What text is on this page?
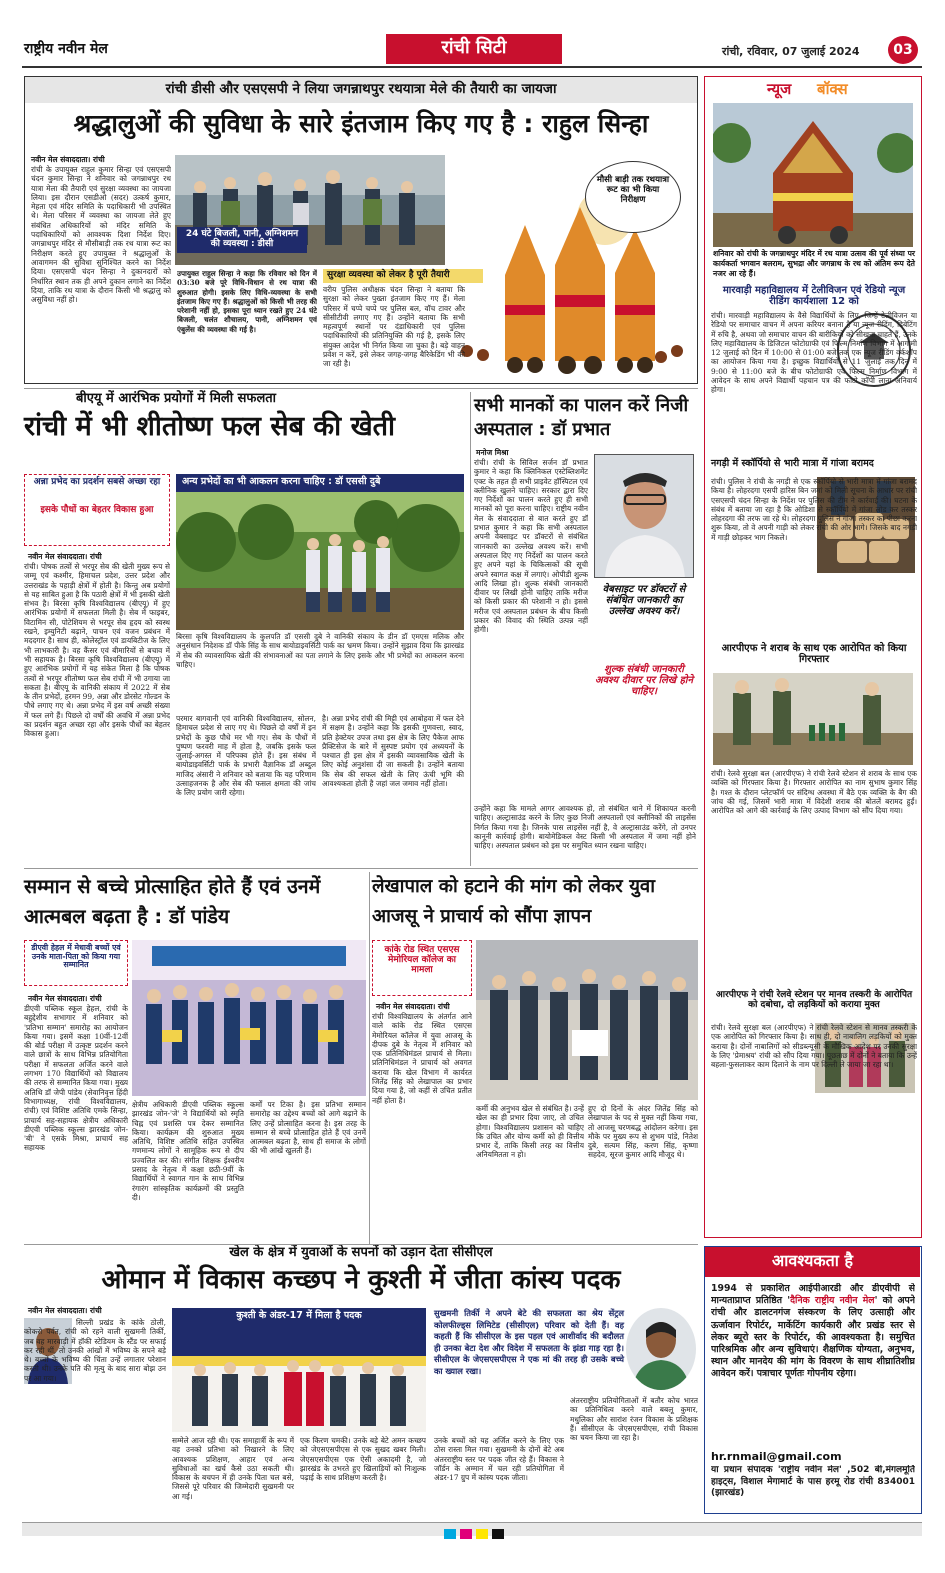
राष्ट्रीय नवीन मेल	रांची सिटी	रांची, रविवार, 07 जुलाई 2024	03
रांची डीसी और एसएसपी ने लिया जगन्नाथपुर रथयात्रा मेले की तैयारी का जायजा
श्रद्धालुओं की सुविधा के सारे इंतजाम किए गए है : राहुल सिन्हा
नवीन मेल संवाददाता। रांची
रांची के उपायुक्त राहुल कुमार सिन्हा एवं एसएसपी चंदन कुमार सिन्हा ने शनिवार को जगन्नाथपुर रथ यात्रा मेला की तैयारी एवं सुरक्षा व्यवस्था का जायजा लिया। इस दौरान एसडीओ (सदर) उत्कर्ष कुमार, मेहता एवं मंदिर समिति के पदाधिकारी भी उपस्थित थे। मेला परिसर में व्यवस्था का जायजा लेते हुए संबंधित अधिकारियों को मंदिर समिति के पदाधिकारियों को आवश्यक दिशा निर्देश दिए। जगन्नाथपुर मंदिर से मौसीबाड़ी तक रथ यात्रा रूट का निरीक्षण करते हुए उपायुक्त ने श्रद्धालुओं के आवागमन की सुविधा सुनिश्चित करने का निर्देश दिया। एसएसपी चंदन सिन्हा ने दुकानदारों को निर्धारित स्थान तक ही अपने दुकान लगाने का निर्देश दिया, ताकि रथ यात्रा के दौरान किसी भी श्रद्धालु को असुविधा नहीं हो।
मौसी बाड़ी तक रथयात्रा रूट का भी किया निरीक्षण
24 घंटे बिजली, पानी, अग्निशमन की व्यवस्था : डीसी
उपायुक्त राहुल सिन्हा ने कहा कि रविवार को दिन में 03:30 बजे पूरे विधि-विधान से रथ यात्रा की शुरुआत होगी। इसके लिए विधि-व्यवस्था के सभी इंतजाम किए गए हैं। श्रद्धालुओं को किसी भी तरह की परेशानी नहीं हो, इसका पूरा ध्यान रखते हुए 24 घंटे बिजली, चलंत शौचालय, पानी, अग्निशमन एवं एंबुलेंस की व्यवस्था की गई है।
सुरक्षा व्यवस्था को लेकर है पूरी तैयारी
वरीय पुलिस अधीक्षक चंदन सिन्हा ने बताया कि सुरक्षा को लेकर पुख्ता इंतजाम किए गए हैं। मेला परिसर में चप्पे चप्पे पर पुलिस बल, वॉच टावर और सीसीटीवी लगाए गए हैं। उन्होंने बताया कि सभी महत्वपूर्ण स्थानों पर दंडाधिकारी एवं पुलिस पदाधिकारियों की प्रतिनियुक्ति की गई है, इसके लिए संयुक्त आदेश भी निर्गत किया जा चुका है। बड़े वाहन प्रवेश न करें, इसे लेकर जगह-जगह बैरिकेडिंग भी की जा रही है।
बीएयू में आरंभिक प्रयोगों में मिली सफलता
रांची में भी शीतोष्ण फल सेब की खेती
अन्ना प्रभेद का प्रदर्शन सबसे अच्छा रहा
इसके पौधों का बेहतर विकास हुआ
नवीन मेल संवाददाता। रांची
रांची। पोषक तत्वों से भरपूर सेब की खेती मुख्य रूप से जम्मू एवं कश्मीर, हिमाचल प्रदेश, उत्तर प्रदेश और उत्तराखंड के पहाड़ी क्षेत्रों में होती है। किन्तु अब प्रयोगों से यह साबित हुआ है कि पठारी क्षेत्रों में भी इसकी खेती संभव है। बिरसा कृषि विश्वविद्यालय (बीएयू) में हुए आरंभिक प्रयोगों में सफलता मिली है। सेब में फाइबर, विटामिन सी, पोटेशियम से भरपूर सेब हृदय को स्वस्थ रखने, इम्युनिटी बढ़ाने, पाचन एवं वजन प्रबंधन में मददगार है। साथ ही, कोलेस्ट्रॉल एवं डायबिटीज के लिए भी लाभकारी है। वह कैंसर एवं बीमारियों से बचाव में भी सहायक है। बिरसा कृषि विश्वविद्यालय (बीएयू) में हुए आरंभिक प्रयोगों में यह संकेत मिला है कि पोषक तत्वों से भरपूर शीतोष्ण फल सेब रांची में भी उगाया जा सकता है। बीएयू के वानिकी संकाय में 2022 में सेब के तीन प्रभेदों, हरमन 99, अन्ना और डोरसेट गोल्डन के पौधे लगाए गए थे। अन्ना प्रभेद में इस वर्ष अच्छी संख्या में फल लगे हैं। पिछले दो वर्षों की अवधि में अन्ना प्रभेद का प्रदर्शन बहुत अच्छा रहा और इसके पौधों का बेहतर विकास हुआ।
अन्य प्रभेदों का भी आकलन करना चाहिए : डॉ एससी दुबे
बिरसा कृषि विश्वविद्यालय के कुलपति डॉ एससी दुबे ने वानिकी संकाय के डीन डॉ एमएस मलिक और अनुसंधान निदेशक डॉ पीके सिंह के साथ बायोडाइवर्सिटी पार्क का भ्रमण किया। उन्होंने सुझाव दिया कि झारखंड में सेब की व्यावसायिक खेती की संभावनाओं का पता लगाने के लिए इसके और भी प्रभेदों का आकलन करना चाहिए।
परमार बागवानी एवं वानिकी विश्वविद्यालय, सोलन, हिमाचल प्रदेश से लाए गए थे। पिछले दो वर्षों में इन प्रभेदों के कुछ पौधे मर भी गए। सेब के पौधों में पुष्पण फरवरी माह में होता है, जबकि इसके फल जुलाई-अगस्त में परिपक्व होते हैं। इस संबंध में बायोडाइवर्सिटी पार्क के प्रभारी वैज्ञानिक डॉ अब्दुल माजिद अंसारी ने शनिवार को बताया कि यह परिणाम उत्साहजनक है और सेब की फसल क्षमता की जांच के लिए प्रयोग जारी रहेगा।
है। अन्ना प्रभेद रांची की मिट्टी एवं आबोहवा में फल देने में सक्षम है। उन्होंने कहा कि इसकी गुणवत्ता, स्वाद, प्रति हेक्टेयर उपज तथा इस क्षेत्र के लिए पैकेज आफ प्रैक्टिसेज के बारे में सुस्पष्ट प्रयोग एवं अध्ययनों के पश्चात ही इस क्षेत्र में इसकी व्यावसायिक खेती के लिए कोई अनुशंसा दी जा सकती है। उन्होंने बताया कि सेब की सफल खेती के लिए ऊंची भूमि की आवश्यकता होती है जहां जल जमाव नहीं होता।
सभी मानकों का पालन करें निजी अस्पताल : डॉ प्रभात
मनोज मिश्रा
रांची। रांची के सिविल सर्जन डॉ प्रभात कुमार ने कहा कि क्लिनिकल एस्टेब्लिशमेंट एक्ट के तहत ही सभी प्राइवेट हॉस्पिटल एवं क्लीनिक खुलने चाहिए। सरकार द्वारा दिए गए निर्देशों का पालन करते हुए ही सभी मानकों को पूरा करना चाहिए। राष्ट्रीय नवीन मेल के संवाददाता से बात करते हुए डॉ प्रभात कुमार ने कहा कि सभी अस्पताल अपनी वेबसाइट पर डॉक्टरों से संबंधित जानकारी का उल्लेख अवश्य करें। सभी अस्पताल दिए गए निर्देशों का पालन करते हुए अपने यहां के चिकित्सकों की सूची अपने स्वागत कक्ष में लगाएं। ओपीडी शुल्क आदि लिखा हो। शुल्क संबंधी जानकारी दीवार पर लिखी होनी चाहिए ताकि मरीज को किसी प्रकार की परेशानी न हो। इससे मरीज एवं अस्पताल प्रबंधन के बीच किसी प्रकार की विवाद की स्थिति उत्पन्न नहीं होगी।
वेबसाइट पर डॉक्टरों से संबंधित जानकारी का उल्लेख अवश्य करें।
शुल्क संबंधी जानकारी अवश्य दीवार पर लिखे होने चाहिए।
उन्होंने कहा कि मामले आगर आवश्यक हो, तो संबंधित थाने में शिकायत करनी चाहिए। अल्ट्रासाउंड करने के लिए कुछ निजी अस्पतालों एवं क्लीनिकों की लाइसेंस निर्गत किया गया है। जिनके पास लाइसेंस नहीं है, वे अल्ट्रासाउंड करेंगे, तो उनपर कानूनी कार्रवाई होगी। बायोमेडिकल वेस्ट किसी भी अस्पताल में जमा नहीं होने चाहिए। अस्पताल प्रबंधन को इस पर समुचित ध्यान रखना चाहिए।
न्यूज बॉक्स
शनिवार को रांची के जगन्नाथपुर मंदिर में रथ यात्रा उत्सव की पूर्व संध्या पर कार्यकर्ता भगवान बलराम, सुभद्रा और जगन्नाथ के रथ को अंतिम रूप देते नजर आ रहे हैं।
मारवाड़ी महाविद्यालय में टेलीविजन एवं रेडियो न्यूज रीडिंग कार्यशाला 12 को
रांची। मारवाड़ी महाविद्यालय के वैसे विद्यार्थियों के लिए, जिन्हें टेलीविजन या रेडियो पर समाचार वाचन में अपना करियर बनाना है या न्यूज रीडिंग, डिबेटिंग में रुचि है, अथवा जो समाचार वाचन की बारीकियों को सीखना चाहते हैं, उनके लिए महाविद्यालय के डिजिटल फोटोग्राफी एवं फिल्म निर्माण विभाग में आगामी 12 जुलाई को दिन में 10:00 से 01:00 बजे तक एक न्यूज रीडिंग वर्कशॉप का आयोजन किया गया है। इच्छुक विद्यार्थियों से 11 जुलाई तक दिन में 9:00 से 11:00 बजे के बीच फोटोग्राफी एवं फिल्म निर्माण विभाग में आवेदन के साथ अपने विद्यार्थी पहचान पत्र की फोटो कॉपी लाना अनिवार्य होगा।
नगड़ी में स्कॉर्पियो से भारी मात्रा में गांजा बरामद
रांची। पुलिस ने रांची के नगड़ी से एक स्कॉर्पियो से भारी मात्रा में गांजा बरामद किया है। लोहरदगा एसपी हारिस बिन जमां को मिली सूचना के आधार पर रांची एसएसपी चंदन सिन्हा के निर्देश पर पुलिस की टीम ने कार्रवाई की। घटना के संबंध में बताया जा रहा है कि ओडिशा से स्कॉर्पियो में गांजा लोड कर तस्कर लोहरदगा की तरफ जा रहे थे। लोहरदगा पुलिस ने गांजा तस्कर का पीछा करना शुरू किया, तो वे अपनी गाड़ी को लेकर रांची की ओर भागे। जिसके बाद नगड़ी में गाड़ी छोड़कर भाग निकले।
आरपीएफ ने शराब के साथ एक आरोपित को किया गिरफ्तार
रांची। रेलवे सुरक्षा बल (आरपीएफ) ने रांची रेलवे स्टेशन से शराब के साथ एक व्यक्ति को गिरफ्तार किया है। गिरफ्तार आरोपित का नाम सुभाष कुमार सिंह है। गश्त के दौरान प्लेटफॉर्म पर संदिग्ध अवस्था में बैठे एक व्यक्ति के बैग की जांच की गई, जिसमें भारी मात्रा में विदेशी शराब की बोतलें बरामद हुईं। आरोपित को आगे की कार्रवाई के लिए उत्पाद विभाग को सौंप दिया गया।
आरपीएफ ने रांची रेलवे स्टेशन पर मानव तस्करी के आरोपित को दबोचा, दो लड़कियों को कराया मुक्त
रांची। रेलवे सुरक्षा बल (आरपीएफ) ने रांची रेलवे स्टेशन से मानव तस्करी के एक आरोपित को गिरफ्तार किया है। साथ ही, दो नाबालिग लड़कियों को मुक्त कराया है। दोनों नाबालिगों को सीडब्ल्यूसी के मौखिक आदेश पर उनकी सुरक्षा के लिए 'प्रेमाश्रय' रांची को सौंप दिया गया। पूछताछ में दोनों ने बताया कि उन्हें बहला-फुसलाकर काम दिलाने के नाम पर दिल्ली ले जाया जा रहा था।
सम्मान से बच्चे प्रोत्साहित होते हैं एवं उनमें आत्मबल बढ़ता है : डॉ पांडेय
डीएवी हेहल में मेधावी बच्चों एवं उनके माता-पिता को किया गया सम्मानित
नवीन मेल संवाददाता। रांची
डीएवी पब्लिक स्कूल हेहल, रांची के बहुद्देशीय सभागार में शनिवार को 'प्रतिभा सम्मान' समारोह का आयोजन किया गया। इसमें कक्षा 10वीं-12वीं की बोर्ड परीक्षा में उत्कृष्ट प्रदर्शन करने वाले छात्रों के साथ विभिन्न प्रतियोगिता परीक्षा में सफलता अर्जित करने वाले लगभग 170 विद्यार्थियों को विद्यालय की तरफ से सम्मानित किया गया। मुख्य अतिथि डॉ जेपी पांडेय (सेवानिवृत्त हिंदी विभागाध्यक्ष, रांची विश्वविद्यालय, रांची) एवं विशिष्ट अतिथि एमके सिन्हा, प्राचार्य सह-सहायक क्षेत्रीय अधिकारी डीएवी पब्लिक स्कूल्स झारखंड जोन-'बी' ने एसके मिश्रा, प्राचार्य सह सहायक
क्षेत्रीय अधिकारी डीएवी पब्लिक स्कूल्स झारखंड जोन-'जे' ने विद्यार्थियों को स्मृति चिह्न एवं प्रशस्ति पत्र देकर सम्मानित किया। कार्यक्रम की शुरुआत मुख्य अतिथि, विशिष्ट अतिथि सहित उपस्थित गणमान्य लोगों ने सामूहिक रूप से दीप प्रज्वलित कर की। संगीत शिक्षक ईश्वरीय प्रसाद के नेतृत्व में कक्षा छठी-9वीं के विद्यार्थियों ने स्वागत गान के साथ विभिन्न रंगारंग सांस्कृतिक कार्यक्रमों की प्रस्तुति दी।
कर्मों पर टिका है। इस प्रतिभा सम्मान समारोह का उद्देश्य बच्चों को आगे बढ़ाने के लिए उन्हें प्रोत्साहित करना है। इस तरह के सम्मान से बच्चे प्रोत्साहित होते हैं एवं उनमें आत्मबल बढ़ता है, साथ ही समाज के लोगों की भी आंखें खुलती हैं।
लेखापाल को हटाने की मांग को लेकर युवा आजसू ने प्राचार्य को सौंपा ज्ञापन
कांके रोड स्थित एसएस मेमोरियल कॉलेज का मामला
नवीन मेल संवाददाता। रांची
रांची विश्वविद्यालय के अंतर्गत आने वाले कांके रोड स्थित एसएस मेमोरियल कॉलेज में युवा आजसू के दीपक दुबे के नेतृत्व में शनिवार को एक प्रतिनिधिमंडल प्राचार्य से मिला। प्रतिनिधिमंडल ने प्राचार्य को अवगत कराया कि खेल विभाग में कार्यरत जितेंद्र सिंह को लेखापाल का प्रभार दिया गया है, जो कहीं से उचित प्रतीत नहीं होता है।
कर्मी की अनुभव खेल से संबंधित है। उन्हें खेल का ही प्रभार दिया जाए, तो उचित होगा। विश्वविद्यालय प्रशासन को चाहिए कि उचित और योग्य कर्मी को ही वित्तीय प्रभार दें, ताकि किसी तरह का वित्तीय अनियमितता न हो।
हुए दो दिनों के अंदर जितेंद्र सिंह को लेखापाल के पद से मुक्त नहीं किया गया, तो आजसू चरणबद्ध आंदोलन करेगा। इस मौके पर मुख्य रूप से शुभम पांडे, नितेश दुबे, सत्यम सिंह, करण सिंह, कृष्णा सहदेव, सूरज कुमार आदि मौजूद थे।
खेल के क्षेत्र में युवाओं के सपनों को उड़ान देता सीसीएल
ओमान में विकास कच्छप ने कुश्ती में जीता कांस्य पदक
नवीन मेल संवाददाता। रांची
सिल्ली प्रखंड के कांके ठोली, कोकरो पर्वत, रांची को रहने वाली सुखमनी तिर्की, जब वह मारवाड़ी में हॉकी स्टेडियम के स्टैंड पर सफाई कर रही थीं, तो उनकी आंखों में भविष्य के सपने बड़े थे। बच्चों के भविष्य की चिंता उन्हें लगातार परेशान करती थी। उनके पति की मृत्यु के बाद सारा बोझ उन पर आ गया।
कुश्ती के अंडर-17 में मिला है पदक	सुखमनी तिर्की ने अपने बेटे की सफलता का श्रेय सेंट्रल कोलफील्ड्स लिमिटेड (सीसीएल) परिवार को देती हैं। वह कहती हैं कि सीसीएल के इस पहल एवं आशीर्वाद की बदौलत ही उनका बेटा देश और विदेश में सफलता के झंडा गाड़ रहा है। सीसीएल के जेएसएसपीएस ने एक मां की तरह ही उसके बच्चे का ख्याल रखा।
सम्मेले आज रही थी। एक समाहार्त्री के रूप में वह उनको प्रतिभा को निखारने के लिए आवश्यक प्रशिक्षण, आहार एवं अन्य सुविधाओं का खर्च कैसे उठा सकती थी। विकास के बचपन में ही उनके पिता चल बसे, जिससे पूरे परिवार की जिम्मेदारी सुखमनी पर आ गई।
एक किरण चमकी। उनके बड़े बेटे अमन कच्छप को जेएसएसपीएस से एक सुखद खबर मिली। जेएसएसपीएस एक ऐसी अकादमी है, जो झारखंड के उभरते हुए खिलाड़ियों को निःशुल्क पढ़ाई के साथ प्रशिक्षण करती है।
उनके बच्चों को यह अर्जित करने के लिए एक ठोस रास्ता मिल गया। सुखमनी के दोनों बेटे अब अंतरराष्ट्रीय स्तर पर पदक जीत रहे हैं। विकास ने जॉर्डन के अम्मान में चल रही प्रतियोगिता में अंडर-17 ग्रुप में कांस्य पदक जीता।
अंतरराष्ट्रीय प्रतियोगिताओं में बतौर कोच भारत का प्रतिनिधित्व करने वाले बबलू कुमार, मधुलिका और सारांश रंजन विकास के प्रशिक्षक हैं। सीसीएल के जेएसएसपीएस, रांची विकास का चयन किया जा रहा है।
आवश्यकता है
1994 से प्रकाशित आईपीआरडी और डीएवीपी से मान्यताप्राप्त प्रतिष्ठित 'दैनिक राष्ट्रीय नवीन मेल' को अपने रांची और डालटनगंज संस्करण के लिए उत्साही और ऊर्जावान रिपोर्टर, मार्केटिंग कार्यकारी और प्रखंड स्तर से लेकर ब्यूरो स्तर के रिपोर्टर, की आवश्यकता है। समुचित पारिश्रमिक और अन्य सुविधाएं। शैक्षणिक योग्यता, अनुभव, स्थान और मानदेय की मांग के विवरण के साथ शीघ्रातिशीघ्र आवेदन करें। पत्राचार पूर्णतः गोपनीय रहेगा।
hr.rnmail@gmail.com
या प्रधान संपादक 'राष्ट्रीय नवीन मेल' ,502 बी,मंगलमूर्ति हाइट्स, विशाल मेगामार्ट के पास हरमू रोड रांची 834001 (झारखंड)
